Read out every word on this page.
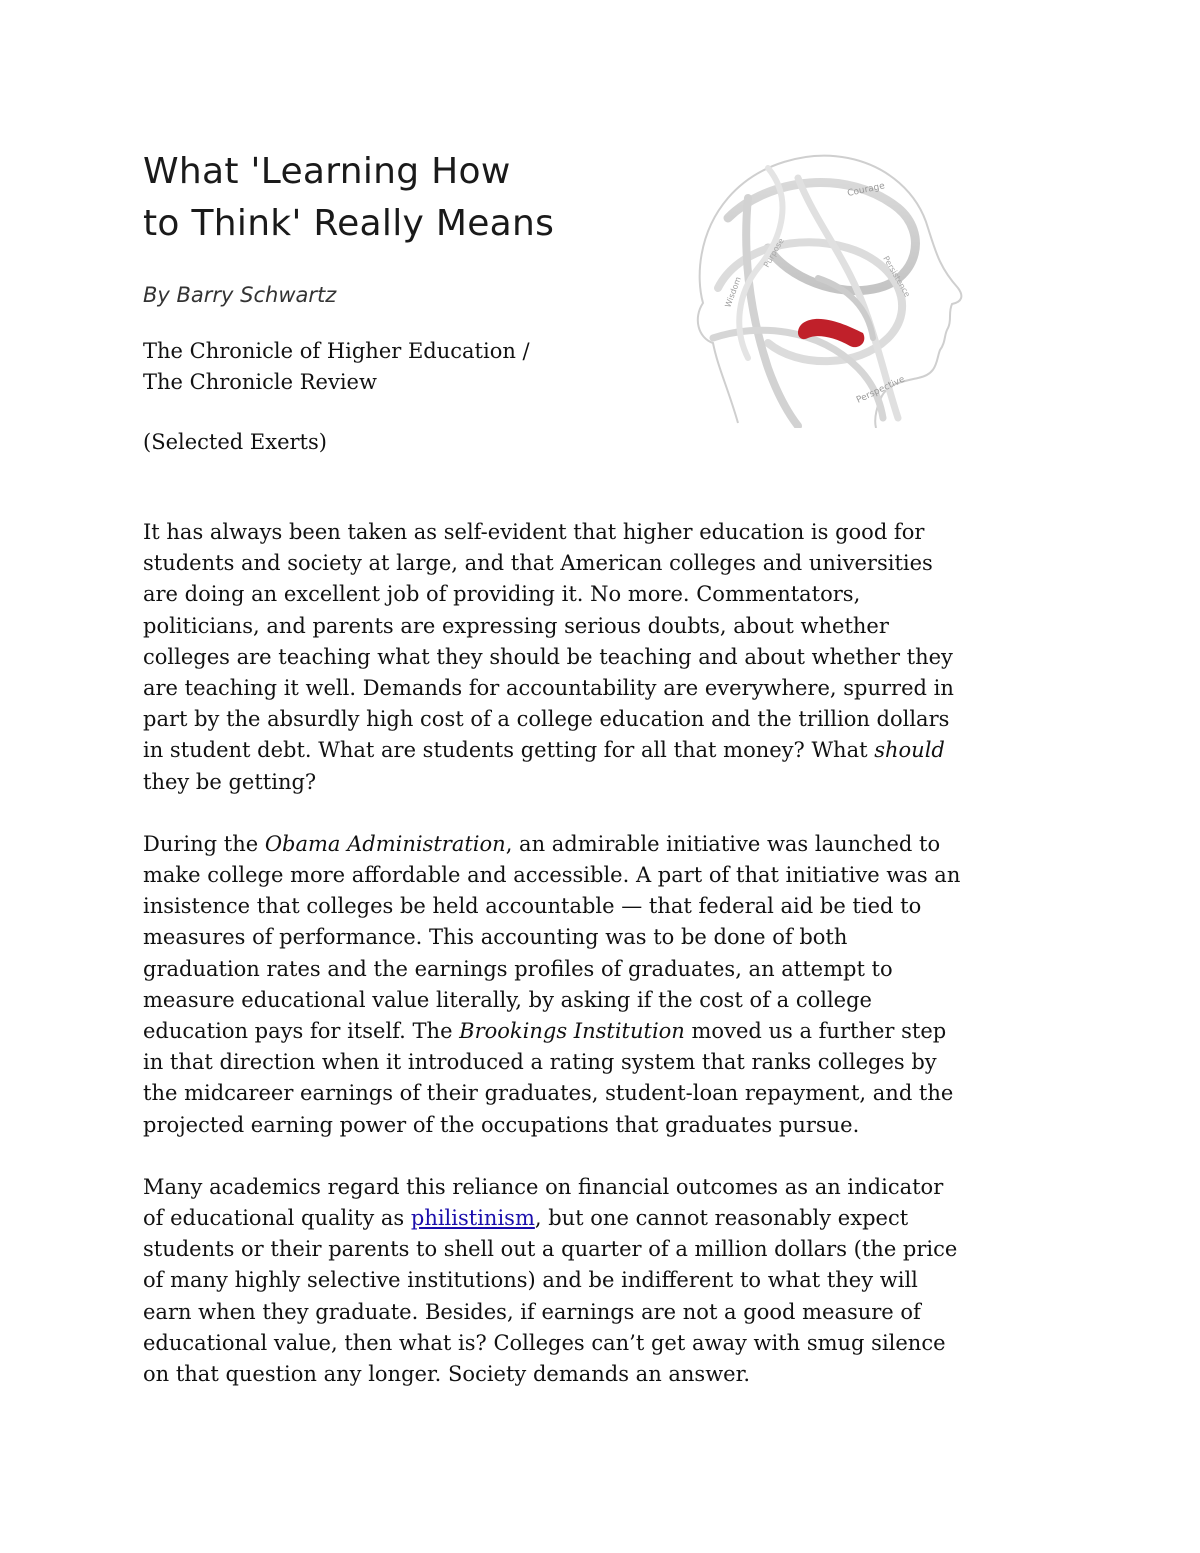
What 'Learning How
to Think' Really Means

By Barry Schwartz

The Chronicle of Higher Education /
The Chronicle Review

(Selected Exerts)

Courage
Wisdom
Perspective
Purpose
Persistence

It has always been taken as self-evident that higher education is good for
students and society at large, and that American colleges and universities
are doing an excellent job of providing it. No more. Commentators,
politicians, and parents are expressing serious doubts, about whether
colleges are teaching what they should be teaching and about whether they
are teaching it well. Demands for accountability are everywhere, spurred in
part by the absurdly high cost of a college education and the trillion dollars
in student debt. What are students getting for all that money? What should
they be getting?

During the Obama Administration, an admirable initiative was launched to
make college more affordable and accessible. A part of that initiative was an
insistence that colleges be held accountable — that federal aid be tied to
measures of performance. This accounting was to be done of both
graduation rates and the earnings profiles of graduates, an attempt to
measure educational value literally, by asking if the cost of a college
education pays for itself. The Brookings Institution moved us a further step
in that direction when it introduced a rating system that ranks colleges by
the midcareer earnings of their graduates, student-loan repayment, and the
projected earning power of the occupations that graduates pursue.

Many academics regard this reliance on financial outcomes as an indicator
of educational quality as philistinism, but one cannot reasonably expect
students or their parents to shell out a quarter of a million dollars (the price
of many highly selective institutions) and be indifferent to what they will
earn when they graduate. Besides, if earnings are not a good measure of
educational value, then what is? Colleges can’t get away with smug silence
on that question any longer. Society demands an answer.
